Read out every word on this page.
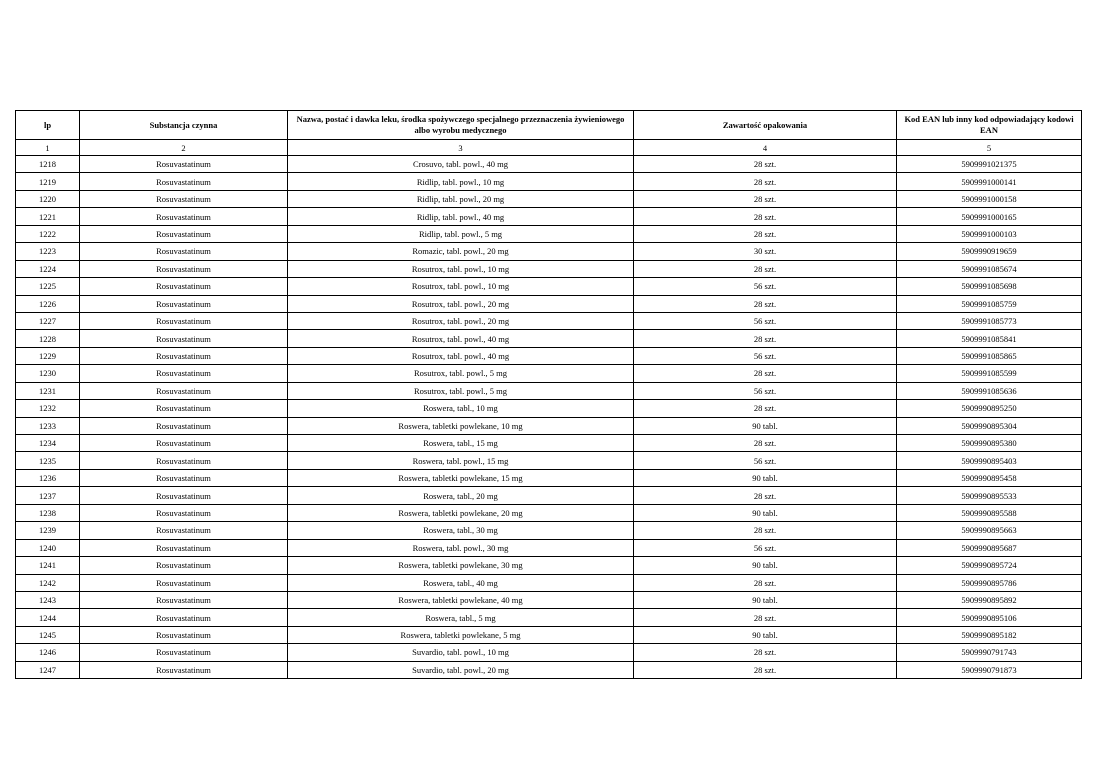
lp	Substancja czynna	Nazwa, postać i dawka leku, środka spożywczego specjalnego przeznaczenia żywieniowego albo wyrobu medycznego	Zawartość opakowania	Kod EAN lub inny kod odpowiadający kodowi EAN
1	2	3	4	5
1218	Rosuvastatinum	Crosuvo, tabl. powl., 40 mg	28 szt.	5909991021375
1219	Rosuvastatinum	Ridlip, tabl. powl., 10 mg	28 szt.	5909991000141
1220	Rosuvastatinum	Ridlip, tabl. powl., 20 mg	28 szt.	5909991000158
1221	Rosuvastatinum	Ridlip, tabl. powl., 40 mg	28 szt.	5909991000165
1222	Rosuvastatinum	Ridlip, tabl. powl., 5 mg	28 szt.	5909991000103
1223	Rosuvastatinum	Romazic, tabl. powl., 20 mg	30 szt.	5909990919659
1224	Rosuvastatinum	Rosutrox, tabl. powl., 10 mg	28 szt.	5909991085674
1225	Rosuvastatinum	Rosutrox, tabl. powl., 10 mg	56 szt.	5909991085698
1226	Rosuvastatinum	Rosutrox, tabl. powl., 20 mg	28 szt.	5909991085759
1227	Rosuvastatinum	Rosutrox, tabl. powl., 20 mg	56 szt.	5909991085773
1228	Rosuvastatinum	Rosutrox, tabl. powl., 40 mg	28 szt.	5909991085841
1229	Rosuvastatinum	Rosutrox, tabl. powl., 40 mg	56 szt.	5909991085865
1230	Rosuvastatinum	Rosutrox, tabl. powl., 5 mg	28 szt.	5909991085599
1231	Rosuvastatinum	Rosutrox, tabl. powl., 5 mg	56 szt.	5909991085636
1232	Rosuvastatinum	Roswera, tabl., 10 mg	28 szt.	5909990895250
1233	Rosuvastatinum	Roswera, tabletki powlekane, 10 mg	90 tabl.	5909990895304
1234	Rosuvastatinum	Roswera, tabl., 15 mg	28 szt.	5909990895380
1235	Rosuvastatinum	Roswera, tabl. powl., 15 mg	56 szt.	5909990895403
1236	Rosuvastatinum	Roswera, tabletki powlekane, 15 mg	90 tabl.	5909990895458
1237	Rosuvastatinum	Roswera, tabl., 20 mg	28 szt.	5909990895533
1238	Rosuvastatinum	Roswera, tabletki powlekane, 20 mg	90 tabl.	5909990895588
1239	Rosuvastatinum	Roswera, tabl., 30 mg	28 szt.	5909990895663
1240	Rosuvastatinum	Roswera, tabl. powl., 30 mg	56 szt.	5909990895687
1241	Rosuvastatinum	Roswera, tabletki powlekane, 30 mg	90 tabl.	5909990895724
1242	Rosuvastatinum	Roswera, tabl., 40 mg	28 szt.	5909990895786
1243	Rosuvastatinum	Roswera, tabletki powlekane, 40 mg	90 tabl.	5909990895892
1244	Rosuvastatinum	Roswera, tabl., 5 mg	28 szt.	5909990895106
1245	Rosuvastatinum	Roswera, tabletki powlekane, 5 mg	90 tabl.	5909990895182
1246	Rosuvastatinum	Suvardio, tabl. powl., 10 mg	28 szt.	5909990791743
1247	Rosuvastatinum	Suvardio, tabl. powl., 20 mg	28 szt.	5909990791873
